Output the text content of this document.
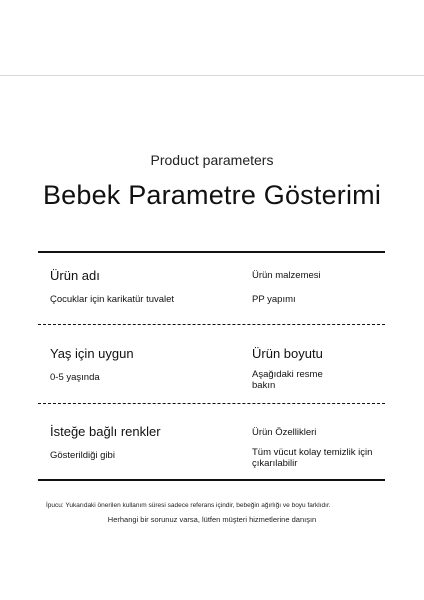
Product parameters
Bebek Parametre Gösterimi
Ürün adı
Çocuklar için karikatür tuvalet
Ürün malzemesi
PP yapımı
Yaş için uygun
0-5 yaşında
Ürün boyutu
Aşağıdaki resme bakın
İsteğe bağlı renkler
Gösterildiği gibi
Ürün Özellikleri
Tüm vücut kolay temizlik için çıkarılabilir
İpucu: Yukarıdaki önerilen kullanım süresi sadece referans içindir, bebeğin ağırlığı ve boyu farklıdır.
Herhangi bir sorunuz varsa, lütfen müşteri hizmetlerine danışın
